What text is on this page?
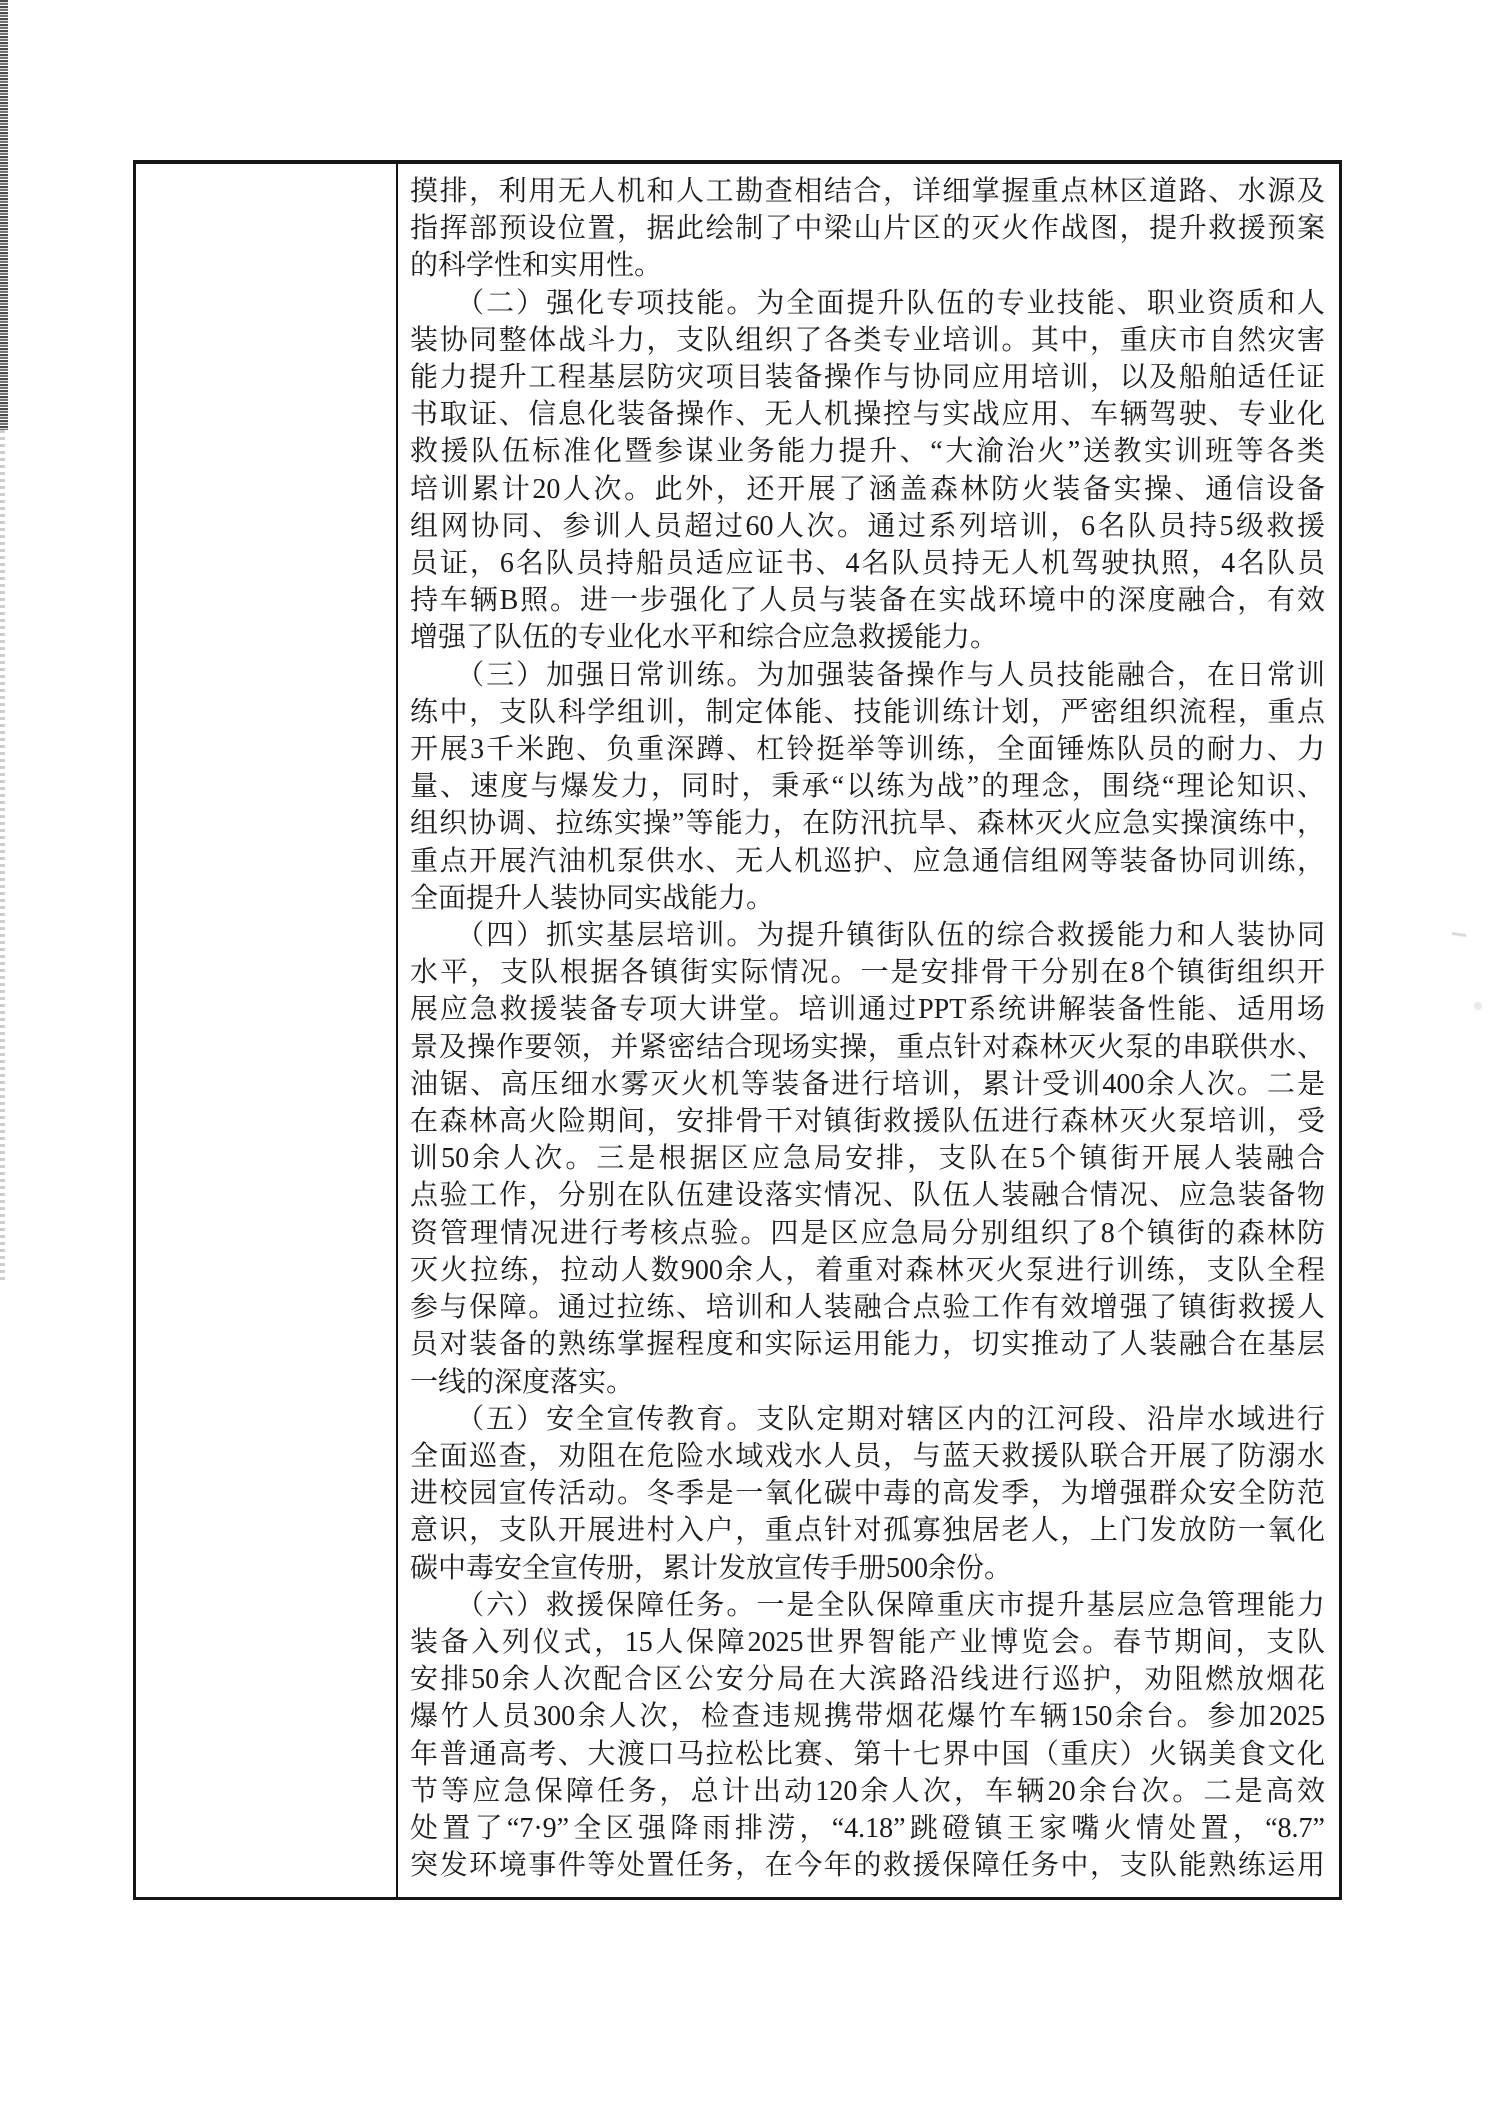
摸排，利用无人机和人工勘查相结合，详细掌握重点林区道路、水源及
指挥部预设位置，据此绘制了中梁山片区的灭火作战图，提升救援预案
的科学性和实用性。
　　（二）强化专项技能。为全面提升队伍的专业技能、职业资质和人
装协同整体战斗力，支队组织了各类专业培训。其中，重庆市自然灾害
能力提升工程基层防灾项目装备操作与协同应用培训，以及船舶适任证
书取证、信息化装备操作、无人机操控与实战应用、车辆驾驶、专业化
救援队伍标准化暨参谋业务能力提升、“大渝治火”送教实训班等各类
培训累计20人次。此外，还开展了涵盖森林防火装备实操、通信设备
组网协同、参训人员超过60人次。通过系列培训，6名队员持5级救援
员证，6名队员持船员适应证书、4名队员持无人机驾驶执照，4名队员
持车辆B照。进一步强化了人员与装备在实战环境中的深度融合，有效
增强了队伍的专业化水平和综合应急救援能力。
　　（三）加强日常训练。为加强装备操作与人员技能融合，在日常训
练中，支队科学组训，制定体能、技能训练计划，严密组织流程，重点
开展3千米跑、负重深蹲、杠铃挺举等训练，全面锤炼队员的耐力、力
量、速度与爆发力，同时，秉承“以练为战”的理念，围绕“理论知识、
组织协调、拉练实操”等能力，在防汛抗旱、森林灭火应急实操演练中，
重点开展汽油机泵供水、无人机巡护、应急通信组网等装备协同训练，
全面提升人装协同实战能力。
　　（四）抓实基层培训。为提升镇街队伍的综合救援能力和人装协同
水平，支队根据各镇街实际情况。一是安排骨干分别在8个镇街组织开
展应急救援装备专项大讲堂。培训通过PPT系统讲解装备性能、适用场
景及操作要领，并紧密结合现场实操，重点针对森林灭火泵的串联供水、
油锯、高压细水雾灭火机等装备进行培训，累计受训400余人次。二是
在森林高火险期间，安排骨干对镇街救援队伍进行森林灭火泵培训，受
训50余人次。三是根据区应急局安排，支队在5个镇街开展人装融合
点验工作，分别在队伍建设落实情况、队伍人装融合情况、应急装备物
资管理情况进行考核点验。四是区应急局分别组织了8个镇街的森林防
灭火拉练，拉动人数900余人，着重对森林灭火泵进行训练，支队全程
参与保障。通过拉练、培训和人装融合点验工作有效增强了镇街救援人
员对装备的熟练掌握程度和实际运用能力，切实推动了人装融合在基层
一线的深度落实。
　　（五）安全宣传教育。支队定期对辖区内的江河段、沿岸水域进行
全面巡查，劝阻在危险水域戏水人员，与蓝天救援队联合开展了防溺水
进校园宣传活动。冬季是一氧化碳中毒的高发季，为增强群众安全防范
意识，支队开展进村入户，重点针对孤寡独居老人，上门发放防一氧化
碳中毒安全宣传册，累计发放宣传手册500余份。
　　（六）救援保障任务。一是全队保障重庆市提升基层应急管理能力
装备入列仪式，15人保障2025世界智能产业博览会。春节期间，支队
安排50余人次配合区公安分局在大滨路沿线进行巡护，劝阻燃放烟花
爆竹人员300余人次，检查违规携带烟花爆竹车辆150余台。参加2025
年普通高考、大渡口马拉松比赛、第十七界中国（重庆）火锅美食文化
节等应急保障任务，总计出动120余人次，车辆20余台次。二是高效
处置了“7·9”全区强降雨排涝，“4.18”跳磴镇王家嘴火情处置，“8.7”
突发环境事件等处置任务，在今年的救援保障任务中，支队能熟练运用
